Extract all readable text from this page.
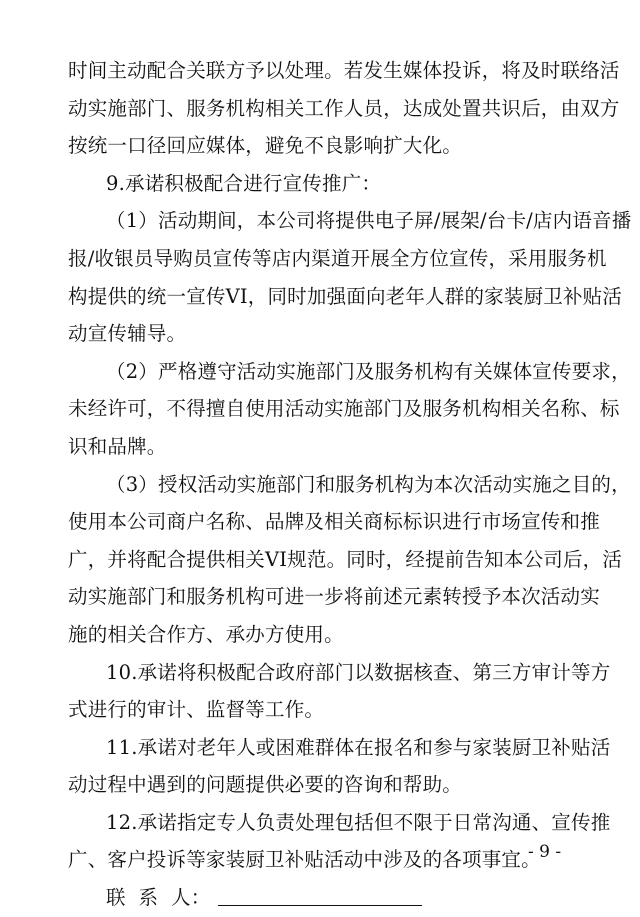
时间主动配合关联方予以处理。若发生媒体投诉，将及时联络活
动实施部门、服务机构相关工作人员，达成处置共识后，由双方
按统一口径回应媒体，避免不良影响扩大化。
9.承诺积极配合进行宣传推广：
（1）活动期间，本公司将提供电子屏/展架/台卡/店内语音播
报/收银员导购员宣传等店内渠道开展全方位宣传，采用服务机
构提供的统一宣传VI，同时加强面向老年人群的家装厨卫补贴活
动宣传辅导。
（2）严格遵守活动实施部门及服务机构有关媒体宣传要求，
未经许可，不得擅自使用活动实施部门及服务机构相关名称、标
识和品牌。
（3）授权活动实施部门和服务机构为本次活动实施之目的，
使用本公司商户名称、品牌及相关商标标识进行市场宣传和推
广，并将配合提供相关VI规范。同时，经提前告知本公司后，活
动实施部门和服务机构可进一步将前述元素转授予本次活动实
施的相关合作方、承办方使用。
10.承诺将积极配合政府部门以数据核查、第三方审计等方
式进行的审计、监督等工作。
11.承诺对老年人或困难群体在报名和参与家装厨卫补贴活
动过程中遇到的问题提供必要的咨询和帮助。
12.承诺指定专人负责处理包括但不限于日常沟通、宣传推
广、客户投诉等家装厨卫补贴活动中涉及的各项事宜。
联  系  人：
- 9 -
